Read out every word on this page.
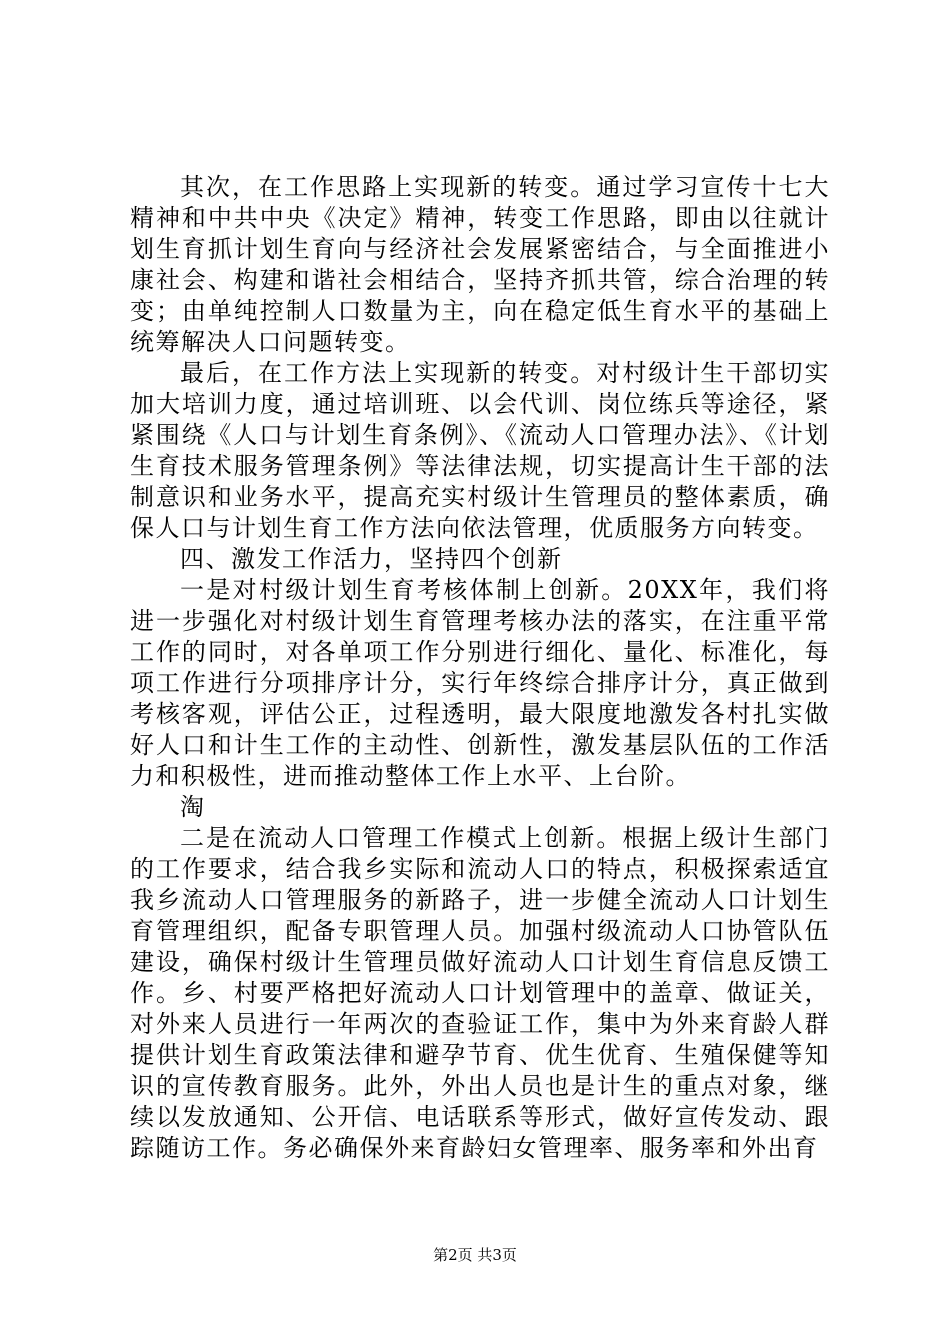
其次，在工作思路上实现新的转变。通过学习宣传十七大精神和中共中央《决定》精神，转变工作思路，即由以往就计划生育抓计划生育向与经济社会发展紧密结合，与全面推进小康社会、构建和谐社会相结合，坚持齐抓共管，综合治理的转变；由单纯控制人口数量为主，向在稳定低生育水平的基础上统筹解决人口问题转变。

最后，在工作方法上实现新的转变。对村级计生干部切实加大培训力度，通过培训班、以会代训、岗位练兵等途径，紧紧围绕《人口与计划生育条例》、《流动人口管理办法》、《计划生育技术服务管理条例》等法律法规，切实提高计生干部的法制意识和业务水平，提高充实村级计生管理员的整体素质，确保人口与计划生育工作方法向依法管理，优质服务方向转变。

四、激发工作活力，坚持四个创新

一是对村级计划生育考核体制上创新。20XX年，我们将进一步强化对村级计划生育管理考核办法的落实，在注重平常工作的同时，对各单项工作分别进行细化、量化、标准化，每项工作进行分项排序计分，实行年终综合排序计分，真正做到考核客观，评估公正，过程透明，最大限度地激发各村扎实做好人口和计生工作的主动性、创新性，激发基层队伍的工作活力和积极性，进而推动整体工作上水平、上台阶。

淘

二是在流动人口管理工作模式上创新。根据上级计生部门的工作要求，结合我乡实际和流动人口的特点，积极探索适宜我乡流动人口管理服务的新路子，进一步健全流动人口计划生育管理组织，配备专职管理人员。加强村级流动人口协管队伍建设，确保村级计生管理员做好流动人口计划生育信息反馈工作。乡、村要严格把好流动人口计划管理中的盖章、做证关，对外来人员进行一年两次的查验证工作，集中为外来育龄人群提供计划生育政策法律和避孕节育、优生优育、生殖保健等知识的宣传教育服务。此外，外出人员也是计生的重点对象，继续以发放通知、公开信、电话联系等形式，做好宣传发动、跟踪随访工作。务必确保外来育龄妇女管理率、服务率和外出育

第2页 共3页
